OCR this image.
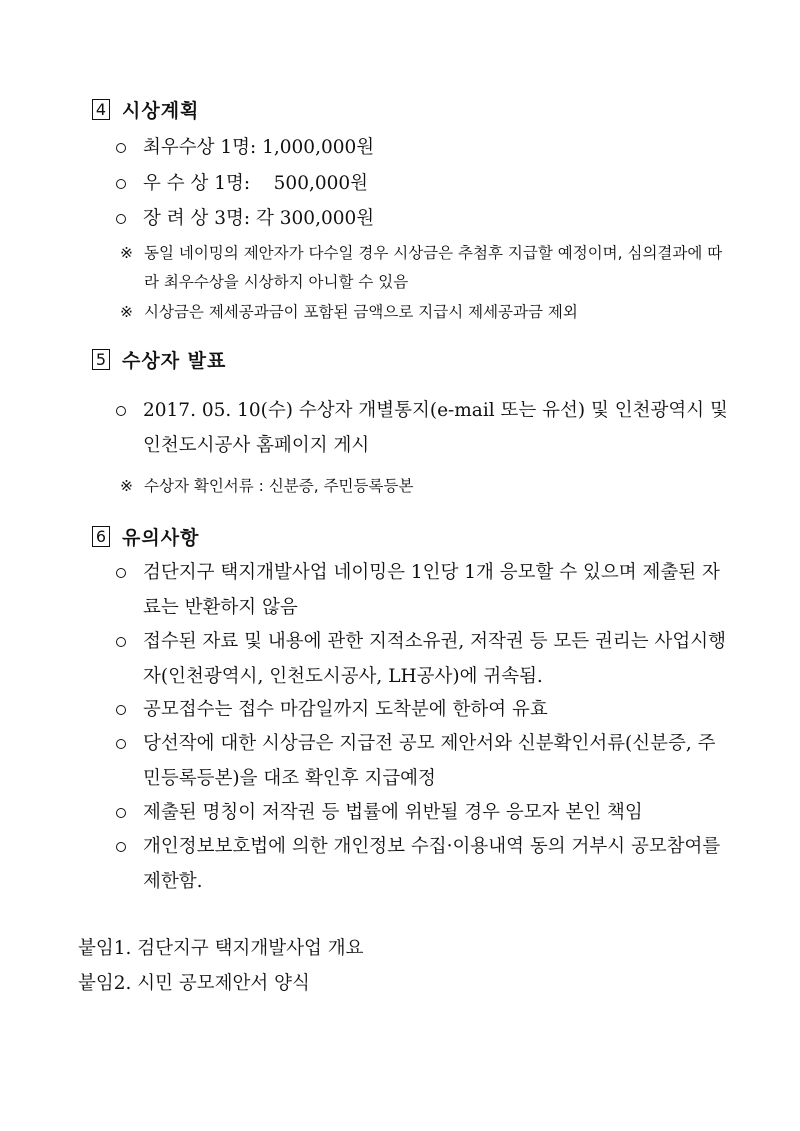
4 시상계획
최우수상 1명: 1,000,000원
우 수 상 1명:    500,000원
장 려 상 3명: 각 300,000원
※ 동일 네이밍의 제안자가 다수일 경우 시상금은 추첨후 지급할 예정이며, 심의결과에 따라 최우수상을 시상하지 아니할 수 있음
※ 시상금은 제세공과금이 포함된 금액으로 지급시 제세공과금 제외
5 수상자 발표
2017. 05. 10(수) 수상자 개별통지(e-mail 또는 유선) 및 인천광역시 및 인천도시공사 홈페이지 게시
※ 수상자 확인서류 : 신분증, 주민등록등본
6 유의사항
검단지구 택지개발사업 네이밍은 1인당 1개 응모할 수 있으며 제출된 자료는 반환하지 않음
접수된 자료 및 내용에 관한 지적소유권, 저작권 등 모든 권리는 사업시행자(인천광역시, 인천도시공사, LH공사)에 귀속됨.
공모접수는 접수 마감일까지 도착분에 한하여 유효
당선작에 대한 시상금은 지급전 공모 제안서와 신분확인서류(신분증, 주민등록등본)을 대조 확인후 지급예정
제출된 명칭이 저작권 등 법률에 위반될 경우 응모자 본인 책임
개인정보보호법에 의한 개인정보 수집·이용내역 동의 거부시 공모참여를 제한함.
붙임1. 검단지구 택지개발사업 개요
붙임2. 시민 공모제안서 양식
